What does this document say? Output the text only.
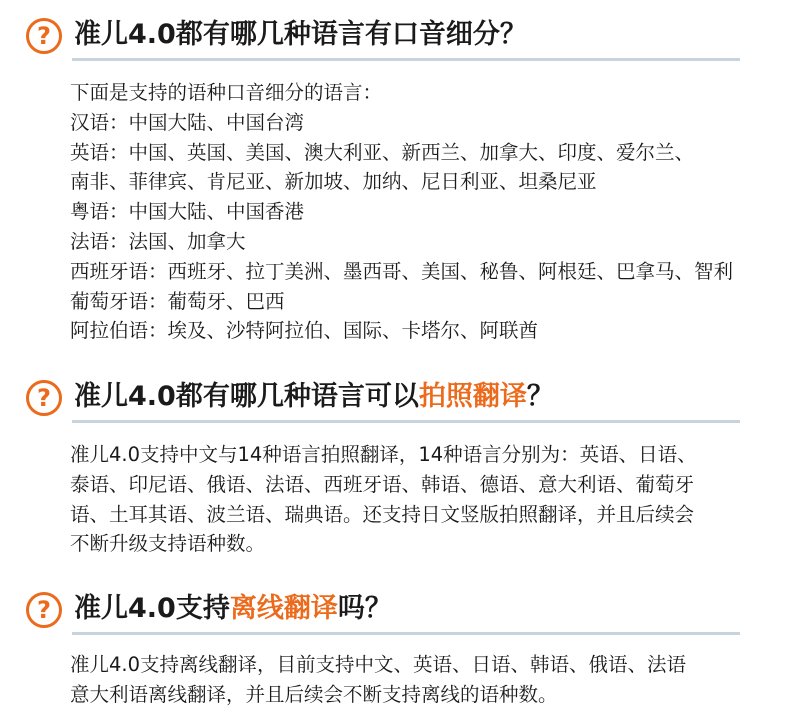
? 准儿4.0都有哪几种语言有口音细分？
下面是支持的语种口音细分的语言：
汉语：中国大陆、中国台湾
英语：中国、英国、美国、澳大利亚、新西兰、加拿大、印度、爱尔兰、
南非、菲律宾、肯尼亚、新加坡、加纳、尼日利亚、坦桑尼亚
粤语：中国大陆、中国香港
法语：法国、加拿大
西班牙语：西班牙、拉丁美洲、墨西哥、美国、秘鲁、阿根廷、巴拿马、智利
葡萄牙语：葡萄牙、巴西
阿拉伯语：埃及、沙特阿拉伯、国际、卡塔尔、阿联酋
? 准儿4.0都有哪几种语言可以拍照翻译？
准儿4.0支持中文与14种语言拍照翻译，14种语言分别为：英语、日语、
泰语、印尼语、俄语、法语、西班牙语、韩语、德语、意大利语、葡萄牙
语、土耳其语、波兰语、瑞典语。还支持日文竖版拍照翻译，并且后续会
不断升级支持语种数。
? 准儿4.0支持离线翻译吗？
准儿4.0支持离线翻译，目前支持中文、英语、日语、韩语、俄语、法语
意大利语离线翻译，并且后续会不断支持离线的语种数。
